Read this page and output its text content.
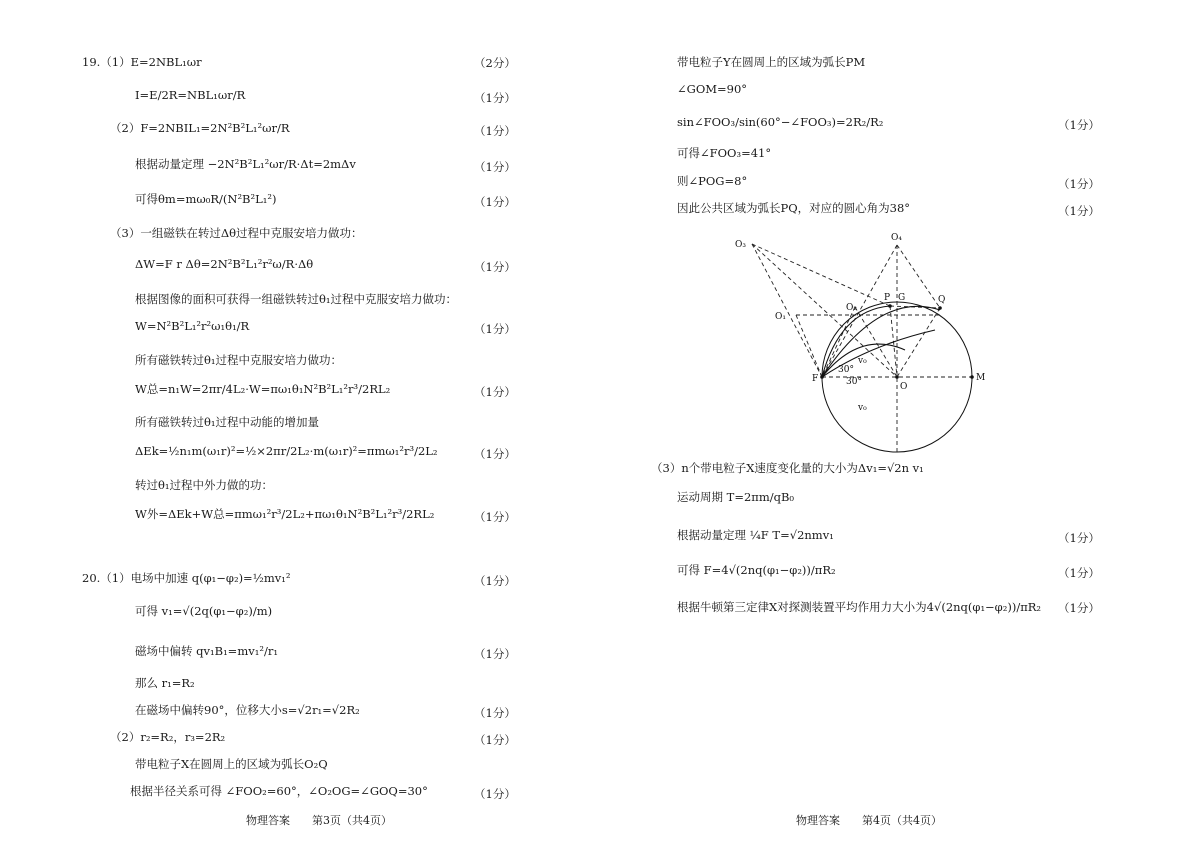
19.（1）E=2NBL₁ωr
I=E/2R=NBL₁ωr/R
（2）F=2NBIL₁=2N²B²L₁²ωr/R
根据动量定理 −2N²B²L₁²ωr/R·Δt=2mΔv
可得θm=mω₀R/(N²B²L₁²)
（3）一组磁铁在转过Δθ过程中克服安培力做功：
ΔW=F r Δθ=2N²B²L₁²r²ω/R·Δθ
根据图像的面积可获得一组磁铁转过θ₁过程中克服安培力做功：
W=N²B²L₁²r²ω₁θ₁/R
所有磁铁转过θ₁过程中克服安培力做功：
W总=n₁W=2πr/4L₂·W=πω₁θ₁N²B²L₁²r³/2RL₂
所有磁铁转过θ₁过程中动能的增加量
ΔEk=½n₁m(ω₁r)²=½×2πr/2L₂·m(ω₁r)²=πmω₁²r³/2L₂
转过θ₁过程中外力做的功：
W外=ΔEk+W总=πmω₁²r³/2L₂+πω₁θ₁N²B²L₁²r³/2RL₂
20.（1）电场中加速 q(φ₁−φ₂)=½mv₁²
可得 v₁=√(2q(φ₁−φ₂)/m)
磁场中偏转 qv₁B₁=mv₁²/r₁
那么 r₁=R₂
在磁场中偏转90°，位移大小s=√2r₁=√2R₂
（2）r₂=R₂，r₃=2R₂
带电粒子X在圆周上的区域为弧长O₂Q
根据半径关系可得 ∠FOO₂=60°，∠O₂OG=∠GOQ=30°
（2分）
（1分）
（1分）
（1分）
（1分）
（1分）
（1分）
（1分）
（1分）
（1分）
（1分）
（1分）
（1分）
（1分）
（1分）
物理答案　　第3页（共4页）
带电粒子Y在圆周上的区域为弧长PM
∠GOM=90°
sin∠FOO₃/sin(60°−∠FOO₃)=2R₂/R₂
可得∠FOO₃=41°
则∠POG=8°
因此公共区域为弧长PQ，对应的圆心角为38°
（3）n个带电粒子X速度变化量的大小为Δv₁=√2n v₁
运动周期 T=2πm/qB₀
根据动量定理 ¼F T=√2nmv₁
可得 F=4√(2nq(φ₁−φ₂))/πR₂
根据牛顿第三定律X对探测装置平均作用力大小为4√(2nq(φ₁−φ₂))/πR₂
（1分）
（1分）
（1分）
（1分）
（1分）
（1分）
O₃
O₄
P G	Q
O₂
O₁
F
30°
30°	O
M
v₀
v₀
物理答案　　第4页（共4页）
